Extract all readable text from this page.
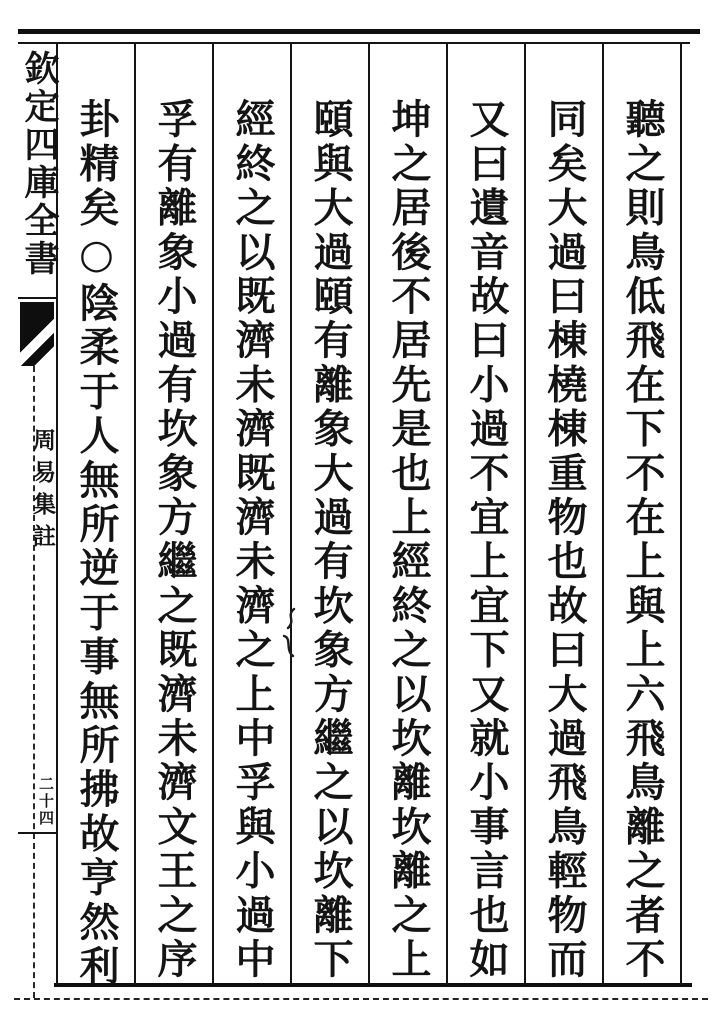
欽定四庫全書
周易集註
二十四	聽之則鳥低飛在下不在上與上六飛鳥離之者不
同矣大過曰棟橈棟重物也故曰大過飛鳥輕物而
又曰遺音故曰小過不宜上宜下又就小事言也如
坤之居後不居先是也上經終之以坎離坎離之上
頤與大過頤有離象大過有坎象方繼之以坎離下
經終之以既濟未濟既濟未濟之上中孚與小過中
孚有離象小過有坎象方繼之既濟未濟文王之序
卦精矣○陰柔于人無所逆于事無所拂故亨然利
